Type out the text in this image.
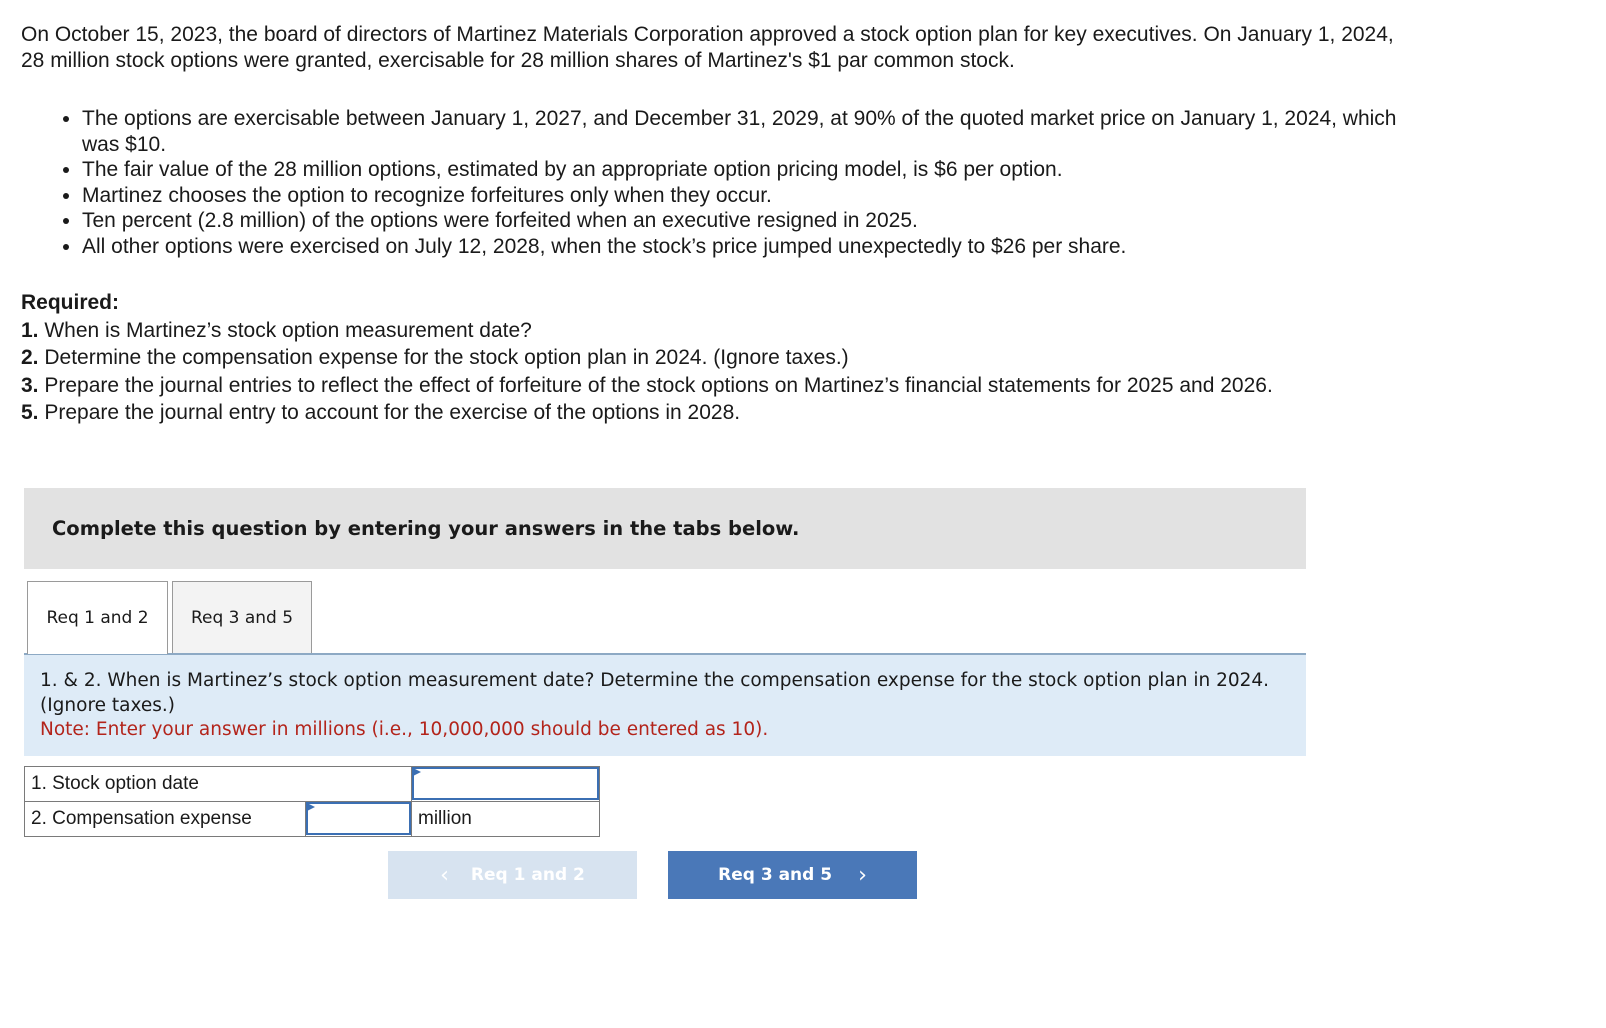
On October 15, 2023, the board of directors of Martinez Materials Corporation approved a stock option plan for key executives. On January 1, 2024, 28 million stock options were granted, exercisable for 28 million shares of Martinez's $1 par common stock.

• The options are exercisable between January 1, 2027, and December 31, 2029, at 90% of the quoted market price on January 1, 2024, which was $10.
• The fair value of the 28 million options, estimated by an appropriate option pricing model, is $6 per option.
• Martinez chooses the option to recognize forfeitures only when they occur.
• Ten percent (2.8 million) of the options were forfeited when an executive resigned in 2025.
• All other options were exercised on July 12, 2028, when the stock’s price jumped unexpectedly to $26 per share.

Required:

1. When is Martinez’s stock option measurement date?

2. Determine the compensation expense for the stock option plan in 2024. (Ignore taxes.)

3. Prepare the journal entries to reflect the effect of forfeiture of the stock options on Martinez’s financial statements for 2025 and 2026.

5. Prepare the journal entry to account for the exercise of the options in 2028.

Complete this question by entering your answers in the tabs below.
Req 1 and 2	Req 3 and 5

1. & 2. When is Martinez’s stock option measurement date? Determine the compensation expense for the stock option plan in 2024. (Ignore taxes.)

Note: Enter your answer in millions (i.e., 10,000,000 should be entered as 10).

1. Stock option date	

2. Compensation expense		million
‹ Req 1 and 2	Req 3 and 5 ›
